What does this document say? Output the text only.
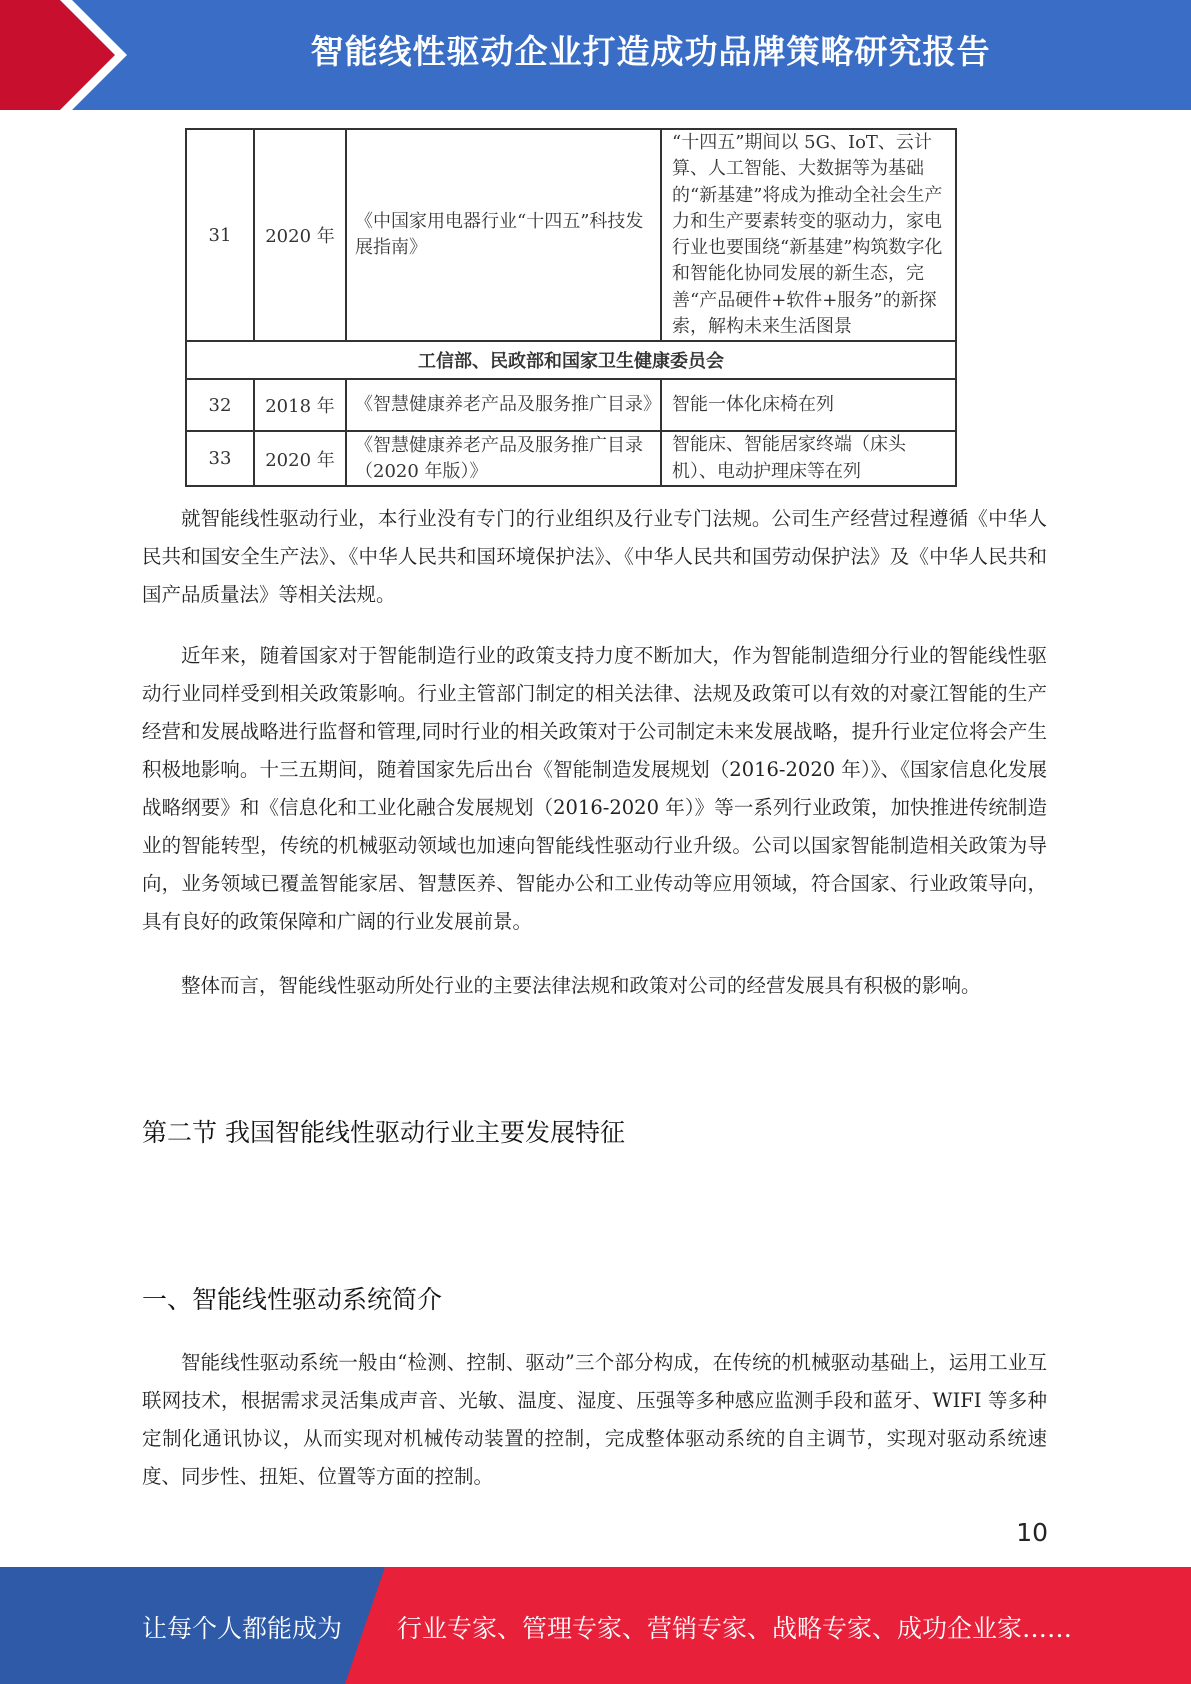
智能线性驱动企业打造成功品牌策略研究报告
31	2020 年	《中国家用电器行业“十四五”科技发展指南》	“十四五”期间以 5G、IoT、云计算、人工智能、大数据等为基础的“新基建”将成为推动全社会生产力和生产要素转变的驱动力，家电行业也要围绕“新基建”构筑数字化和智能化协同发展的新生态，完善“产品硬件+软件+服务”的新探索，解构未来生活图景
工信部、民政部和国家卫生健康委员会			
32	2018 年	《智慧健康养老产品及服务推广目录》	智能一体化床椅在列
33	2020 年	《智慧健康养老产品及服务推广目录（2020 年版）》	智能床、智能居家终端（床头机）、电动护理床等在列

就智能线性驱动行业，本行业没有专门的行业组织及行业专门法规。公司生产经营过程遵循《中华人民共和国安全生产法》、《中华人民共和国环境保护法》、《中华人民共和国劳动保护法》及《中华人民共和国产品质量法》等相关法规。

近年来，随着国家对于智能制造行业的政策支持力度不断加大，作为智能制造细分行业的智能线性驱动行业同样受到相关政策影响。行业主管部门制定的相关法律、法规及政策可以有效的对豪江智能的生产经营和发展战略进行监督和管理,同时行业的相关政策对于公司制定未来发展战略，提升行业定位将会产生积极地影响。十三五期间，随着国家先后出台《智能制造发展规划（2016-2020 年）》、《国家信息化发展战略纲要》和《信息化和工业化融合发展规划（2016-2020 年）》等一系列行业政策，加快推进传统制造业的智能转型，传统的机械驱动领域也加速向智能线性驱动行业升级。公司以国家智能制造相关政策为导向，业务领域已覆盖智能家居、智慧医养、智能办公和工业传动等应用领域，符合国家、行业政策导向，具有良好的政策保障和广阔的行业发展前景。

整体而言，智能线性驱动所处行业的主要法律法规和政策对公司的经营发展具有积极的影响。

第二节 我国智能线性驱动行业主要发展特征
一、智能线性驱动系统简介

智能线性驱动系统一般由“检测、控制、驱动”三个部分构成，在传统的机械驱动基础上，运用工业互联网技术，根据需求灵活集成声音、光敏、温度、湿度、压强等多种感应监测手段和蓝牙、WIFI 等多种定制化通讯协议，从而实现对机械传动装置的控制，完成整体驱动系统的自主调节，实现对驱动系统速度、同步性、扭矩、位置等方面的控制。

10
让每个人都能成为 行业专家、管理专家、营销专家、战略专家、成功企业家……
